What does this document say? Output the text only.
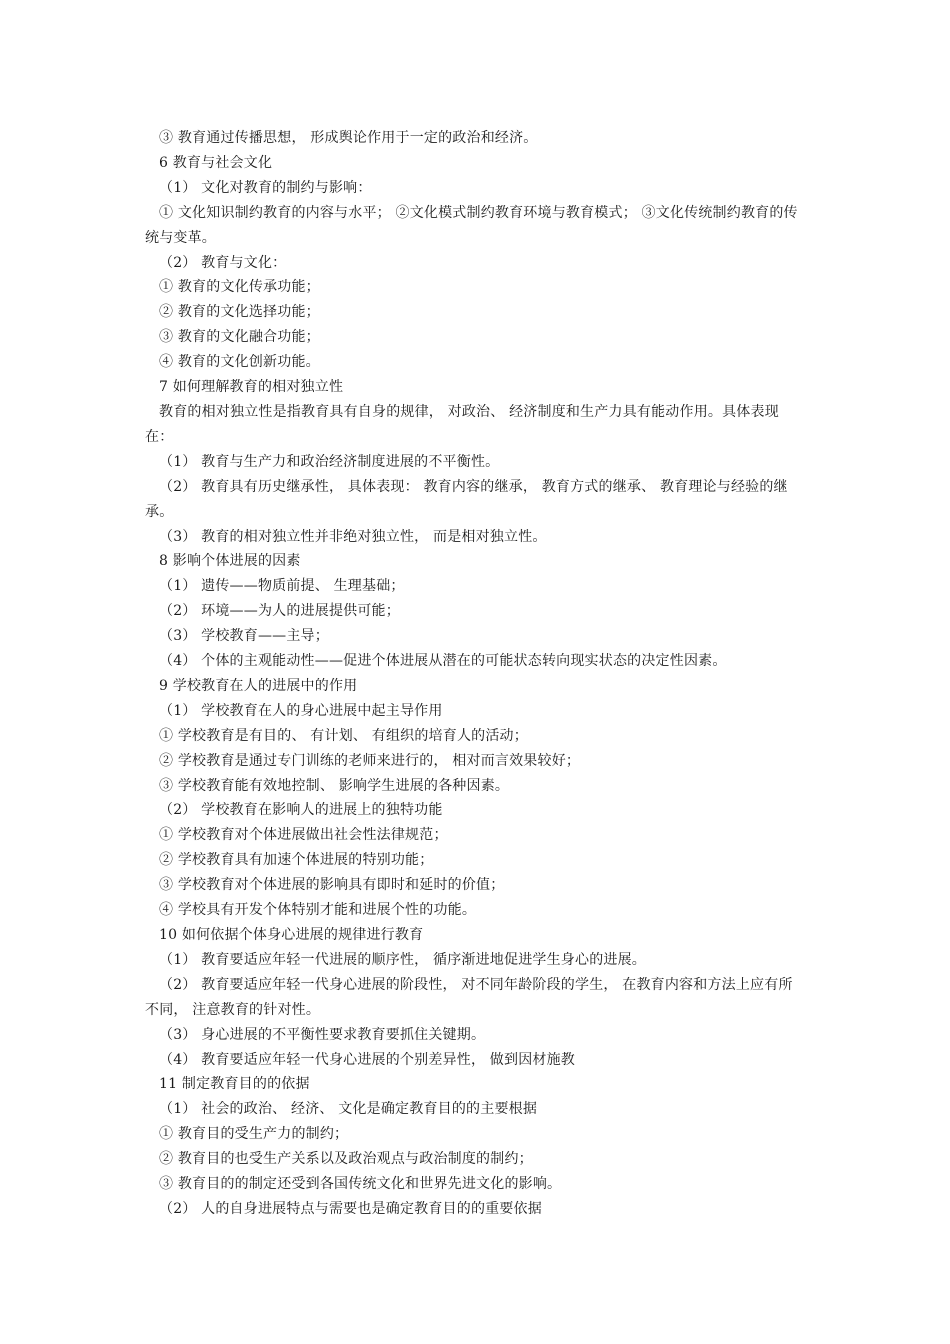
③ 教育通过传播思想， 形成舆论作用于一定的政治和经济。
6 教育与社会文化
（1） 文化对教育的制约与影响：
① 文化知识制约教育的内容与水平； ②文化模式制约教育环境与教育模式； ③文化传统制约教育的传统与变革。
（2） 教育与文化：
① 教育的文化传承功能；
② 教育的文化选择功能；
③ 教育的文化融合功能；
④ 教育的文化创新功能。
7 如何理解教育的相对独立性
教育的相对独立性是指教育具有自身的规律， 对政治、 经济制度和生产力具有能动作用。具体表现在：
（1） 教育与生产力和政治经济制度进展的不平衡性。
（2） 教育具有历史继承性， 具体表现： 教育内容的继承， 教育方式的继承、 教育理论与经验的继承。
（3） 教育的相对独立性并非绝对独立性， 而是相对独立性。
8 影响个体进展的因素
（1） 遗传——物质前提、 生理基础；
（2） 环境——为人的进展提供可能；
（3） 学校教育——主导；
（4） 个体的主观能动性——促进个体进展从潜在的可能状态转向现实状态的决定性因素。
9 学校教育在人的进展中的作用
（1） 学校教育在人的身心进展中起主导作用
① 学校教育是有目的、 有计划、 有组织的培育人的活动；
② 学校教育是通过专门训练的老师来进行的， 相对而言效果较好；
③ 学校教育能有效地控制、 影响学生进展的各种因素。
（2） 学校教育在影响人的进展上的独特功能
① 学校教育对个体进展做出社会性法律规范；
② 学校教育具有加速个体进展的特别功能；
③ 学校教育对个体进展的影响具有即时和延时的价值；
④ 学校具有开发个体特别才能和进展个性的功能。
10 如何依据个体身心进展的规律进行教育
（1） 教育要适应年轻一代进展的顺序性， 循序渐进地促进学生身心的进展。
（2） 教育要适应年轻一代身心进展的阶段性， 对不同年龄阶段的学生， 在教育内容和方法上应有所不同， 注意教育的针对性。
（3） 身心进展的不平衡性要求教育要抓住关键期。
（4） 教育要适应年轻一代身心进展的个别差异性， 做到因材施教
11 制定教育目的的依据
（1） 社会的政治、 经济、 文化是确定教育目的的主要根据
① 教育目的受生产力的制约；
② 教育目的也受生产关系以及政治观点与政治制度的制约；
③ 教育目的的制定还受到各国传统文化和世界先进文化的影响。
（2） 人的自身进展特点与需要也是确定教育目的的重要依据
